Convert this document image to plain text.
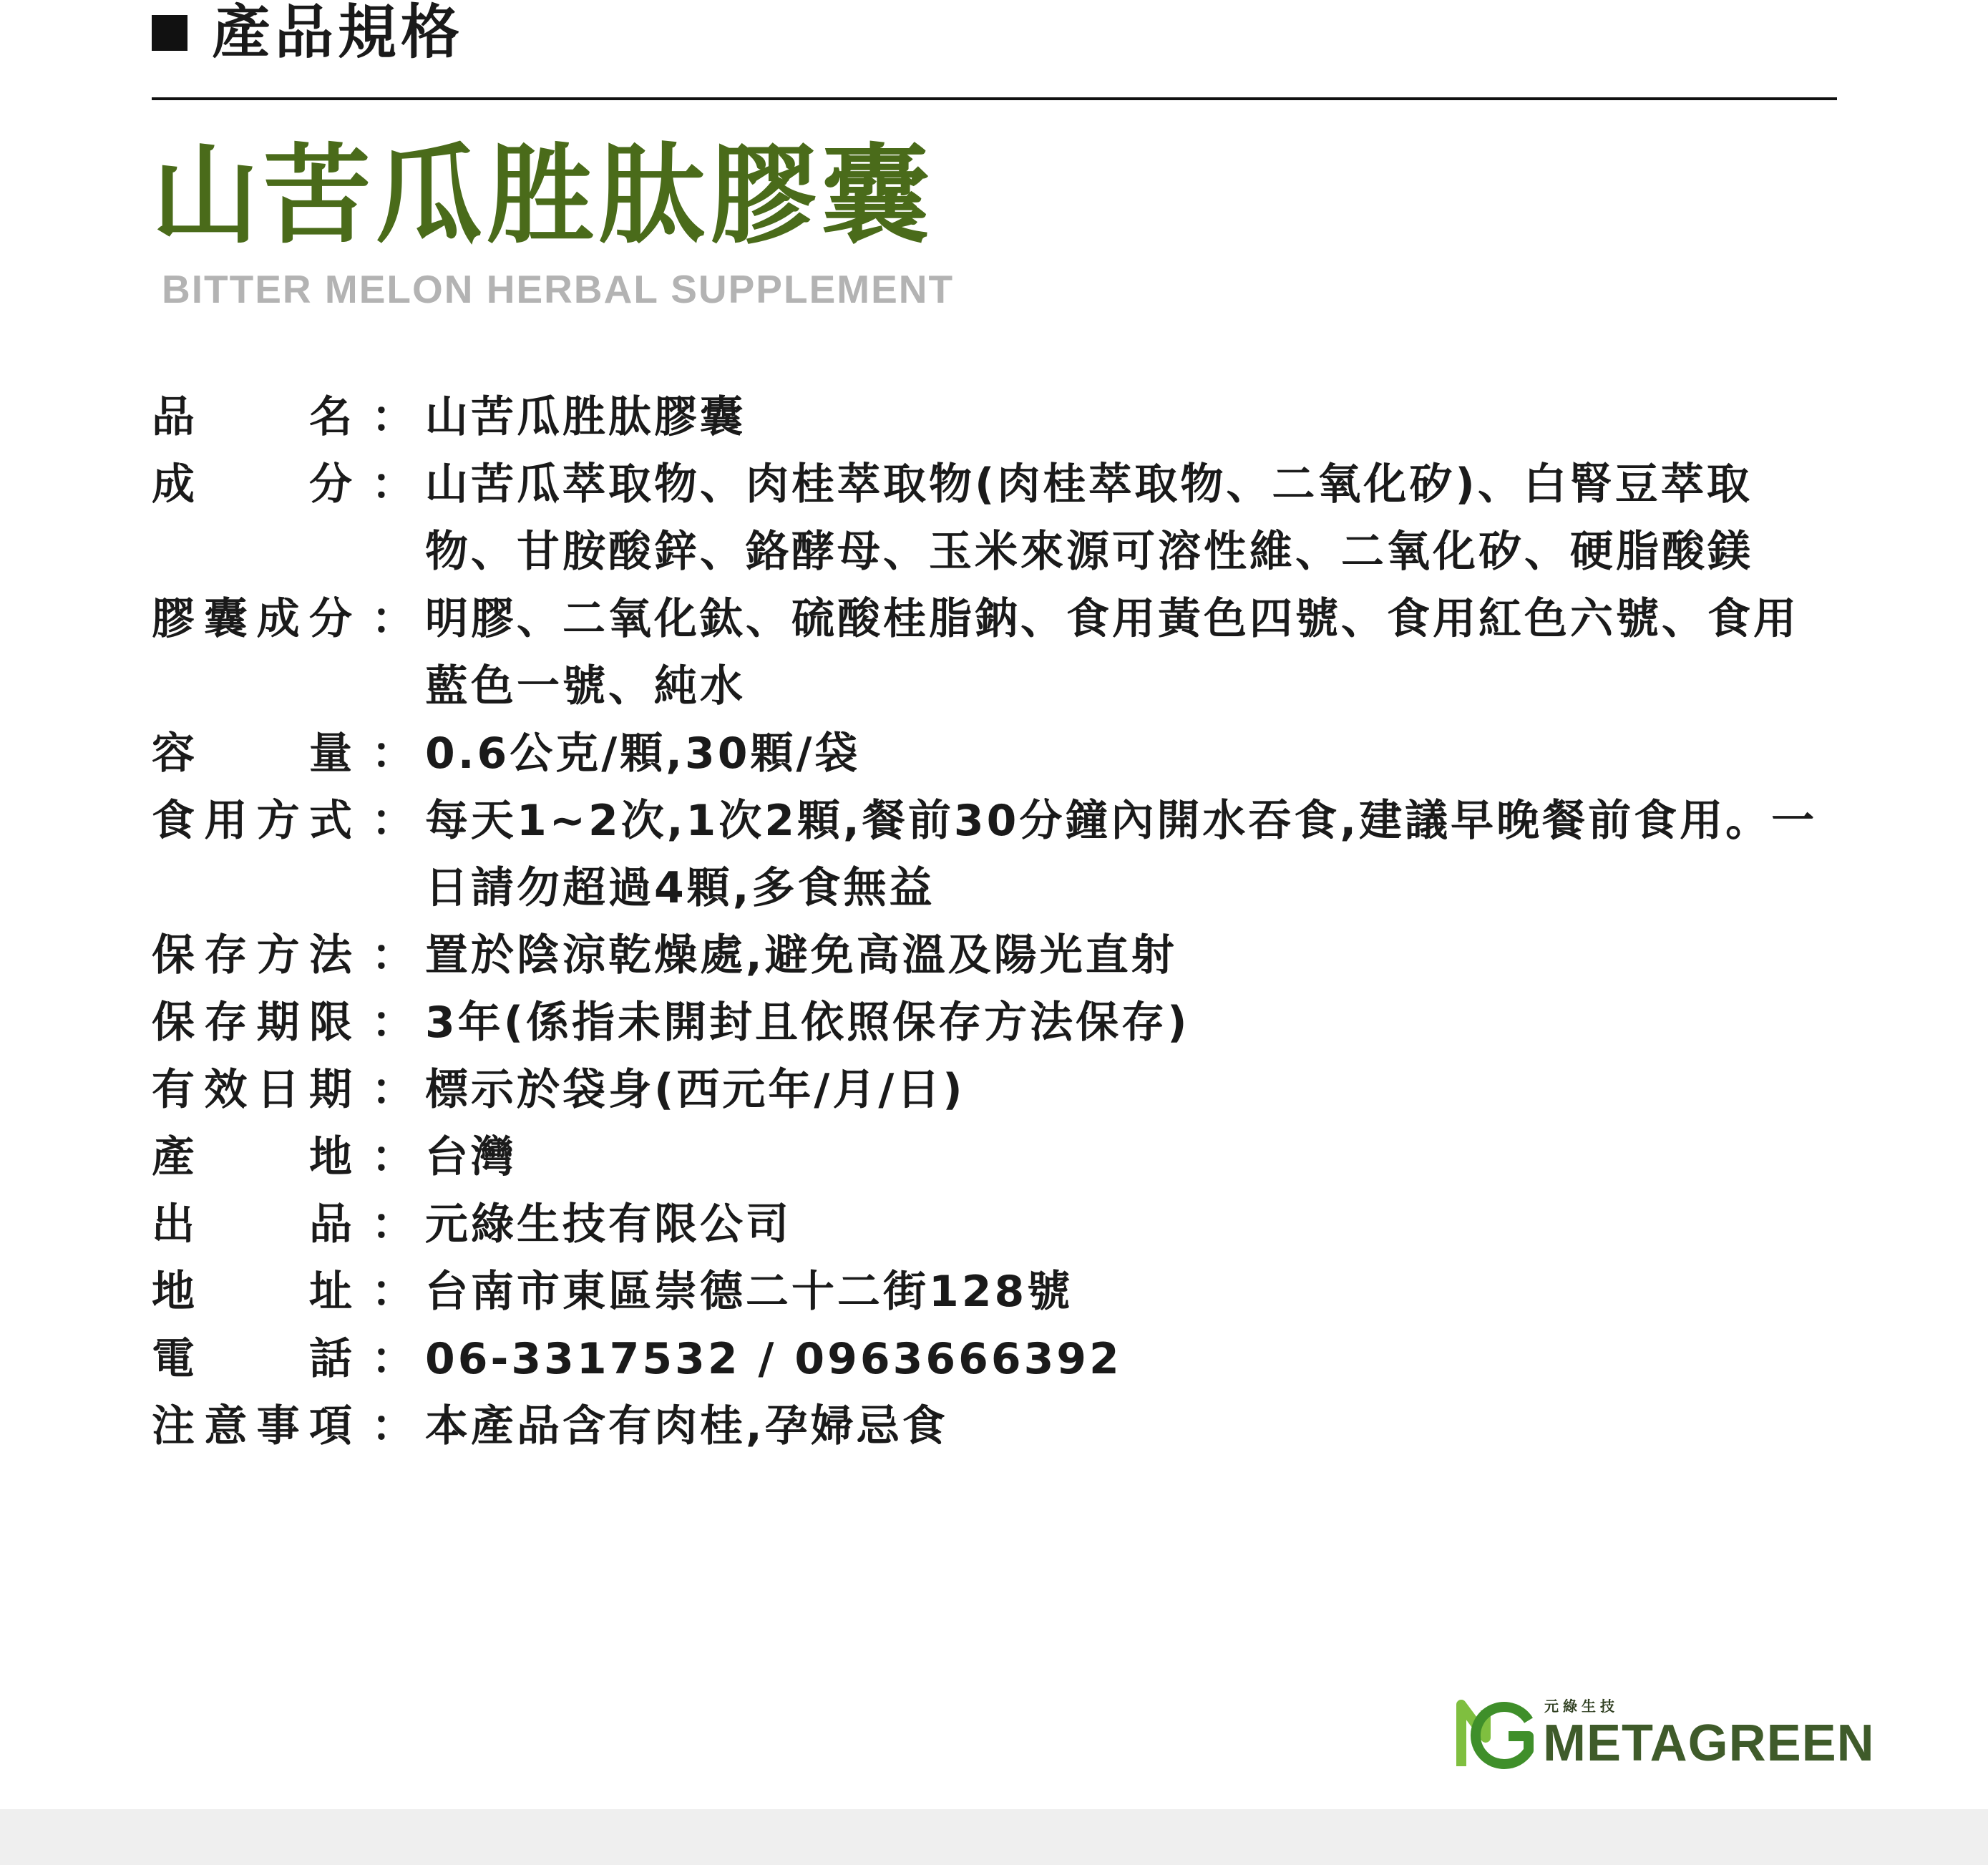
產品規格
山苦瓜胜肽膠囊
BITTER MELON HERBAL SUPPLEMENT
品名 ： 山苦瓜胜肽膠囊
成分 ： 山苦瓜萃取物、肉桂萃取物(肉桂萃取物、二氧化矽)、白腎豆萃取物、甘胺酸鋅、鉻酵母、玉米來源可溶性維、二氧化矽、硬脂酸鎂
膠囊成分 ： 明膠、二氧化鈦、硫酸桂脂鈉、食用黃色四號、食用紅色六號、食用藍色一號、純水
容量 ： 0.6公克/顆,30顆/袋
食用方式 ： 每天1~2次,1次2顆,餐前30分鐘內開水吞食,建議早晚餐前食用。一日請勿超過4顆,多食無益
保存方法 ： 置於陰涼乾燥處,避免高溫及陽光直射
保存期限 ： 3年(係指未開封且依照保存方法保存)
有效日期 ： 標示於袋身(西元年/月/日)
產地 ： 台灣
出品 ： 元綠生技有限公司
地址 ： 台南市東區崇德二十二街128號
電話 ： 06-3317532 / 0963666392
注意事項 ： 本產品含有肉桂,孕婦忌食
元綠生技
METAGREEN
